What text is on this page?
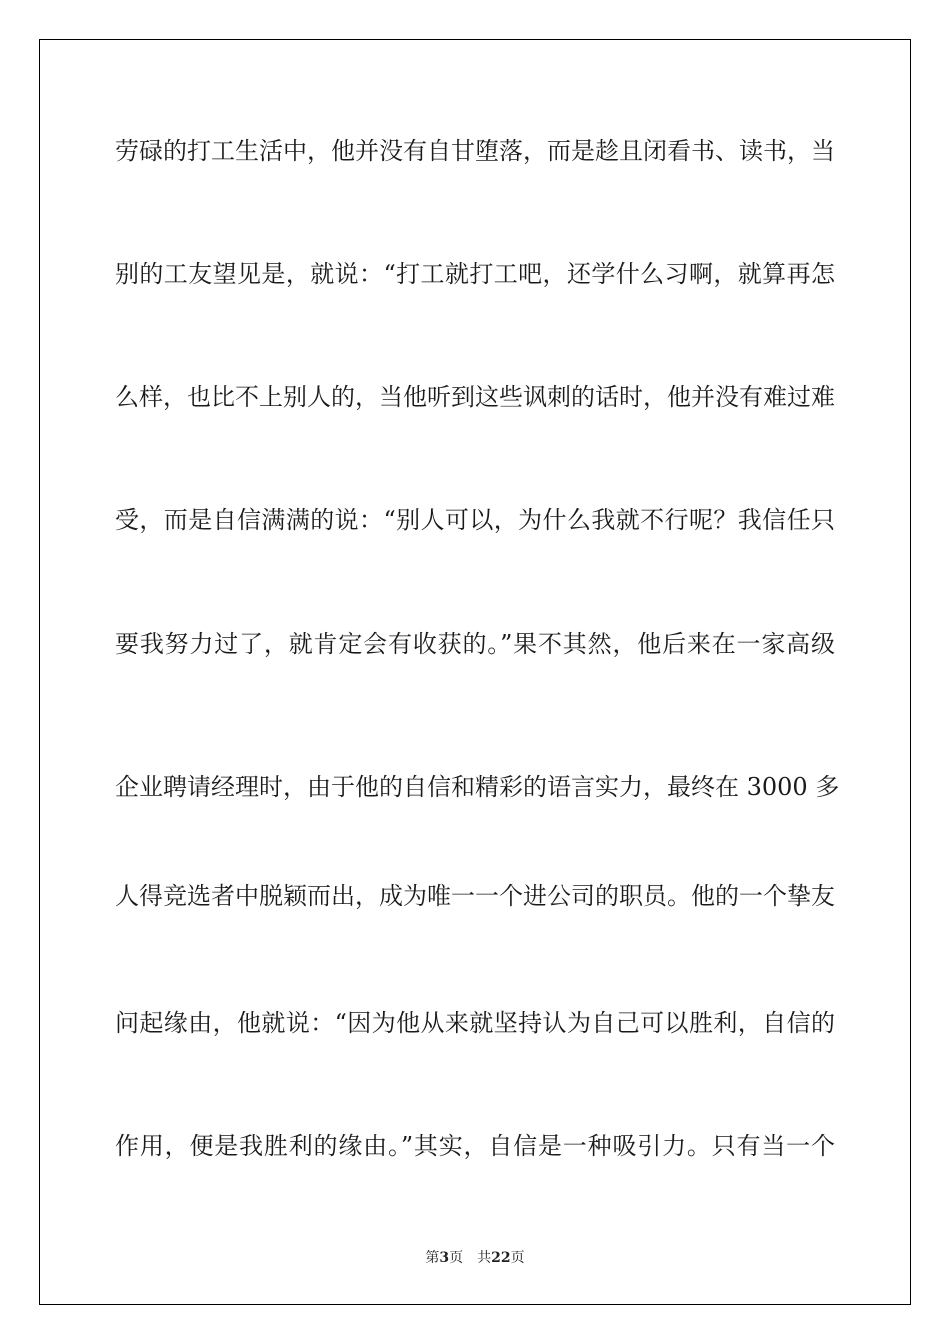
劳碌的打工生活中，他并没有自甘堕落，而是趁且闭看书、读书，当
别的工友望见是，就说：“打工就打工吧，还学什么习啊，就算再怎
么样，也比不上别人的，当他听到这些讽刺的话时，他并没有难过难
受，而是自信满满的说：“别人可以，为什么我就不行呢？我信任只
要我努力过了，就肯定会有收获的。”果不其然，他后来在一家高级
企业聘请经理时，由于他的自信和精彩的语言实力，最终在 3000 多
人得竞选者中脱颖而出，成为唯一一个进公司的职员。他的一个挚友
问起缘由，他就说：“因为他从来就坚持认为自己可以胜利，自信的
作用，便是我胜利的缘由。”其实，自信是一种吸引力。只有当一个
第3页 共22页
